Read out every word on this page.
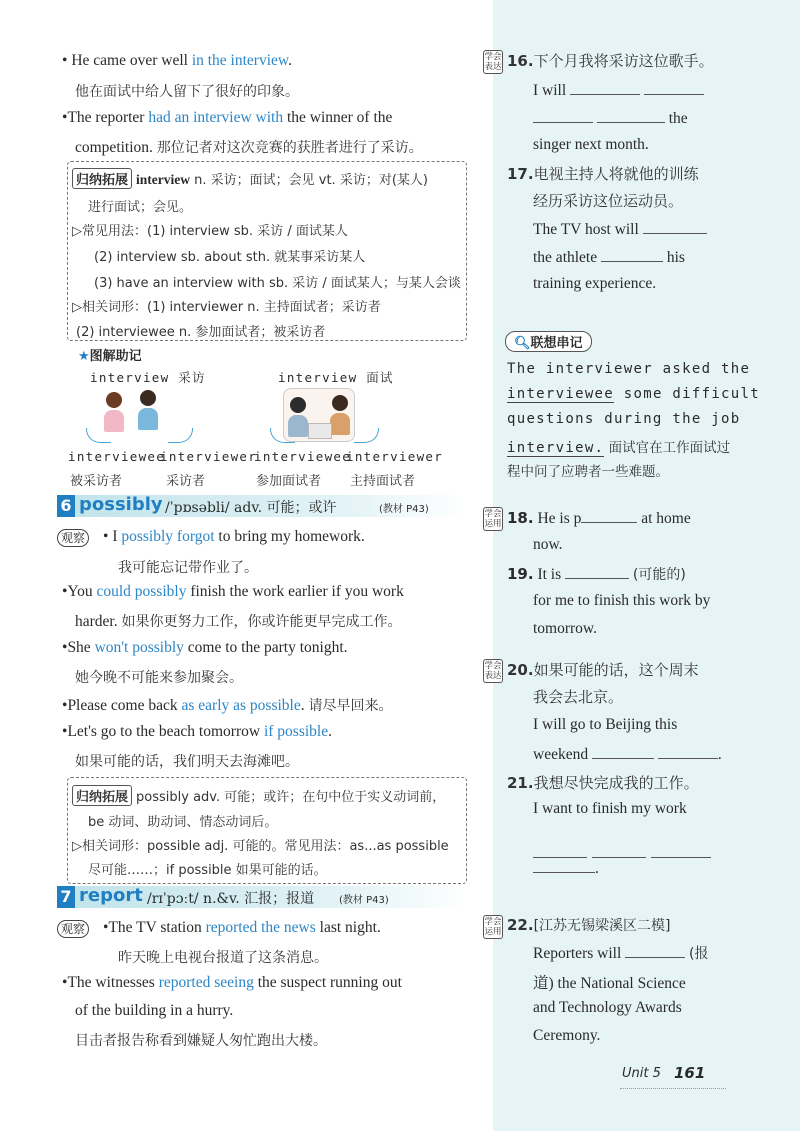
• He came over well in the interview.
他在面试中给人留下了很好的印象。
•The reporter had an interview with the winner of the
competition. 那位记者对这次竞赛的获胜者进行了采访。
归纳拓展 interview n. 采访；面试；会见 vt. 采访；对(某人)
进行面试；会见。
▷常见用法：(1) interview sb. 采访 / 面试某人
(2) interview sb. about sth. 就某事采访某人
(3) have an interview with sb. 采访 / 面试某人；与某人会谈
▷相关词形：(1) interviewer n. 主持面试者；采访者
(2) interviewee n. 参加面试者；被采访者
★图解助记
interview 采访	interview 面试
interviewee
interviewer
interviewee
interviewer
被采访者	采访者	参加面试者 主持面试者
6 possibly /ˈpɒsəbli/ adv. 可能；或许	(教材 P43)
观察 • I possibly forgot to bring my homework.
我可能忘记带作业了。
•You could possibly finish the work earlier if you work
harder. 如果你更努力工作，你或许能更早完成工作。
•She won't possibly come to the party tonight.
她今晚不可能来参加聚会。
•Please come back as early as possible. 请尽早回来。
•Let's go to the beach tomorrow if possible.
如果可能的话，我们明天去海滩吧。
归纳拓展 possibly adv. 可能；或许；在句中位于实义动词前，
be 动词、助动词、情态动词后。
▷相关词形：possible adj. 可能的。常见用法：as...as possible
尽可能……；if possible 如果可能的话。
7 report /rɪˈpɔːt/ n.&v. 汇报；报道 (教材 P43)
观察 •The TV station reported the news last night.
昨天晚上电视台报道了这条消息。
•The witnesses reported seeing the suspect running out
of the building in a hurry.
目击者报告称看到嫌疑人匆忙跑出大楼。
学会表达 16.下个月我将采访这位歌手。
I will
the
singer next month.
17.电视主持人将就他的训练
经历采访这位运动员。
The TV host will
the athlete	his
training experience.
🔍︎联想串记
The interviewer asked the
interviewee some difficult
questions during the job
interview. 面试官在工作面试过
程中问了应聘者一些难题。
学会运用 18. He is p	at home
now.
19. It is	(可能的)
for me to finish this work by
tomorrow.
学会表达 20.如果可能的话，这个周末
我会去北京。
I will go to Beijing this
weekend	.
21.我想尽快完成我的工作。
I want to finish my work

.
学会运用 22.[江苏无锡梁溪区二模]
Reporters will	(报
道) the National Science
and Technology Awards
Ceremony.
Unit 5 161
